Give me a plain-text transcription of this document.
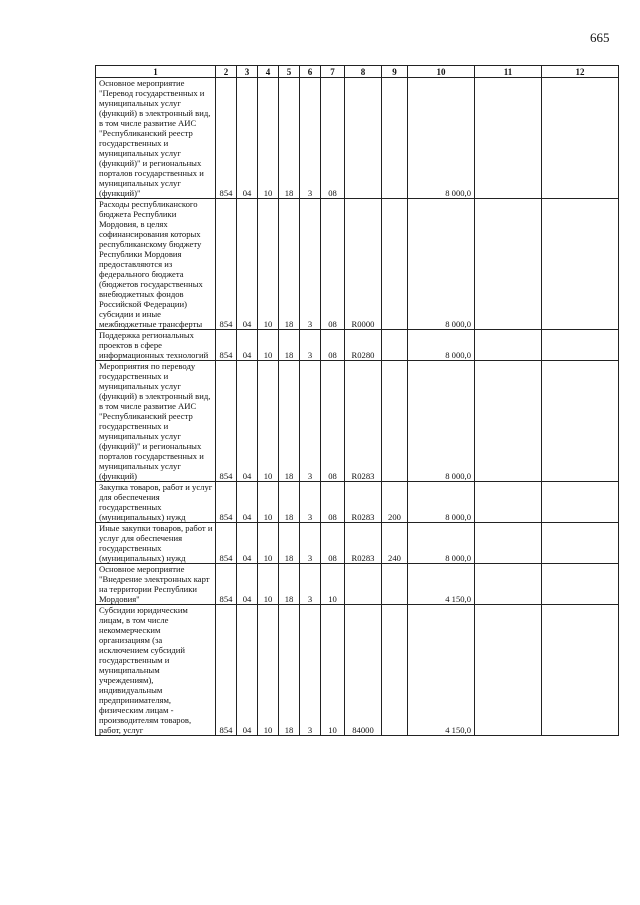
665
1	2	3	4	5	6	7	8	9	10	11	12

Основное мероприятие "Перевод государственных и муниципальных услуг (функций) в электронный вид, в том числе развитие АИС "Республиканский реестр государственных и муниципальных услуг (функций)" и региональных порталов государственных и муниципальных услуг (функций)"	854	04	10	18	3	08			8 000,0		

Расходы республиканского бюджета Республики Мордовия, в целях софинансирования которых республиканскому бюджету Республики Мордовия предоставляются из федерального бюджета (бюджетов государственных внебюджетных фондов Российской Федерации) субсидии и иные межбюджетные трансферты	854	04	10	18	3	08	R0000		8 000,0		

Поддержка региональных проектов в сфере информационных технологий	854	04	10	18	3	08	R0280		8 000,0		

Мероприятия по переводу государственных и муниципальных услуг (функций) в электронный вид, в том числе развитие АИС "Республиканский реестр государственных и муниципальных услуг (функций)" и региональных порталов государственных и муниципальных услуг (функций)	854	04	10	18	3	08	R0283		8 000,0		

Закупка товаров, работ и услуг для обеспечения государственных (муниципальных) нужд	854	04	10	18	3	08	R0283	200	8 000,0		

Иные закупки товаров, работ и услуг для обеспечения государственных (муниципальных) нужд	854	04	10	18	3	08	R0283	240	8 000,0		

Основное мероприятие "Внедрение электронных карт на территории Республики Мордовия"	854	04	10	18	3	10			4 150,0		

Субсидии юридическим лицам, в том числе некоммерческим организациям (за исключением субсидий государственным и муниципальным учреждениям), индивидуальным предпринимателям, физическим лицам - производителям товаров, работ, услуг	854	04	10	18	3	10	84000		4 150,0		
